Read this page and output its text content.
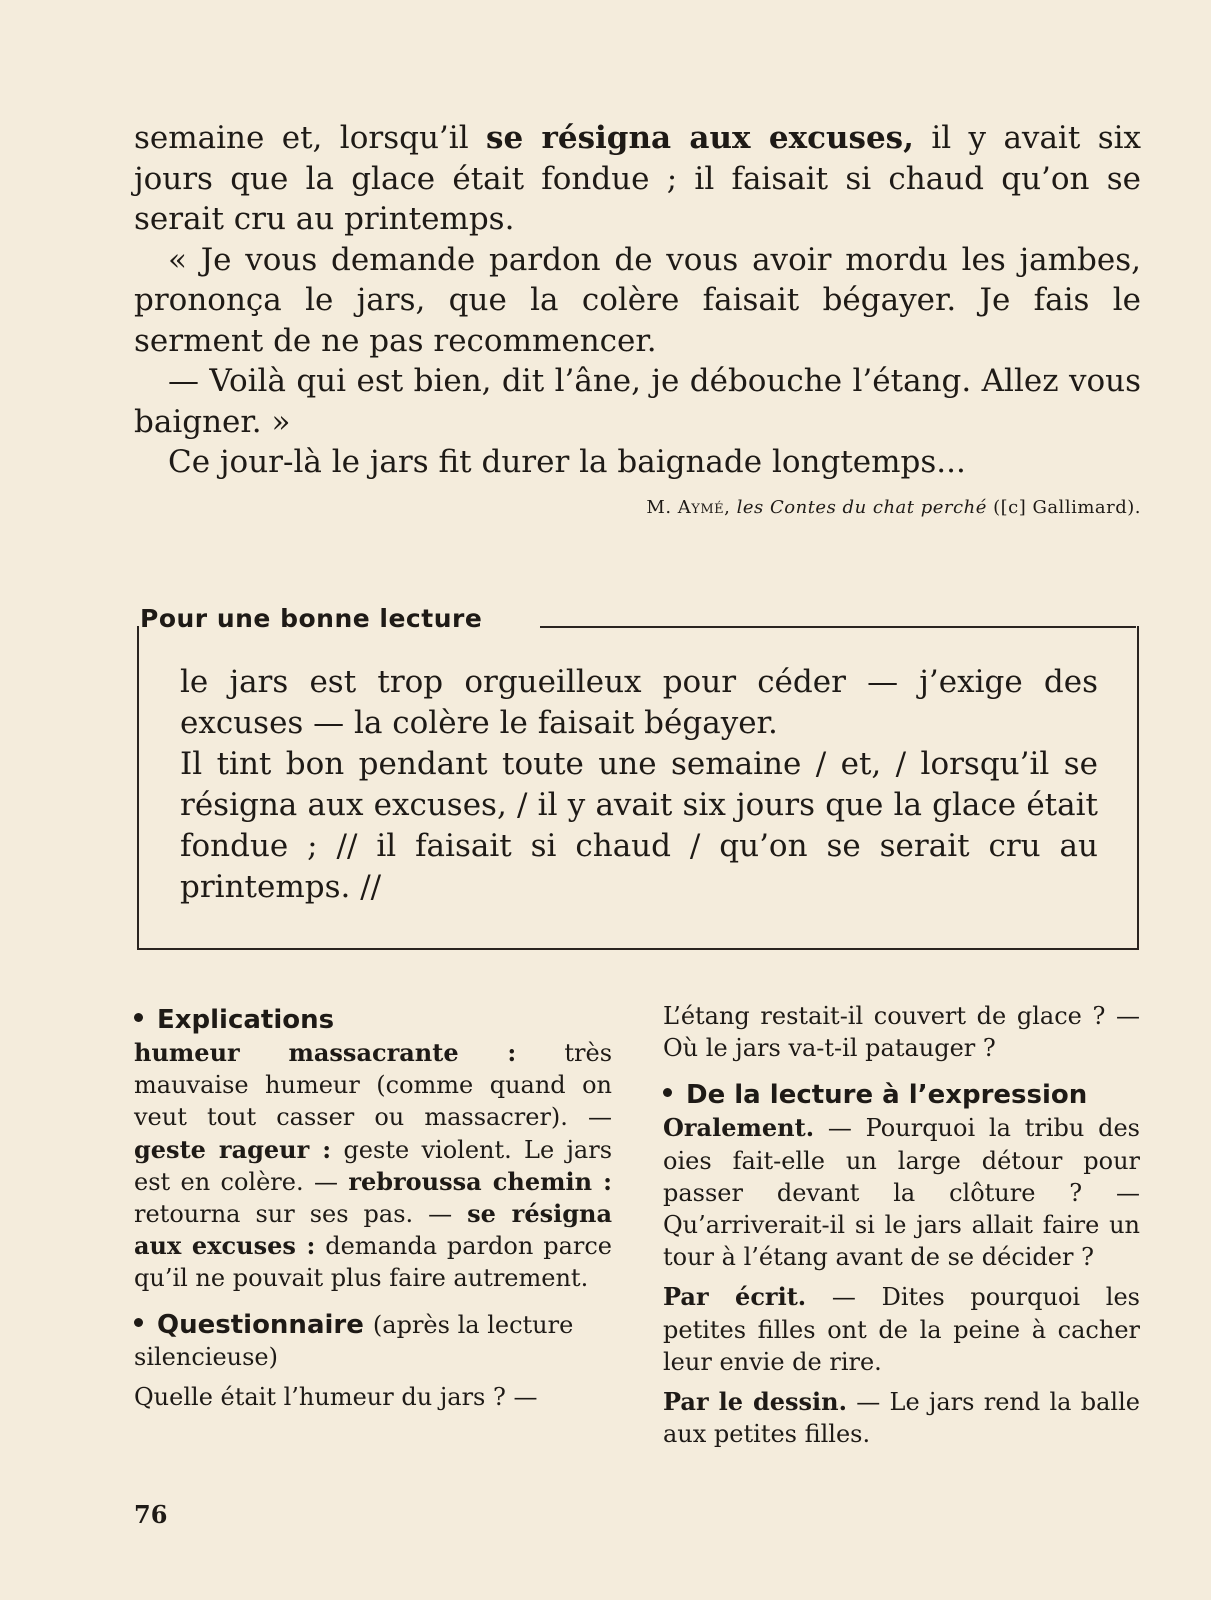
semaine et, lorsqu’il se résigna aux excuses, il y avait six jours que la glace était fondue ; il faisait si chaud qu’on se serait cru au printemps.

« Je vous demande pardon de vous avoir mordu les jambes, prononça le jars, que la colère faisait bégayer. Je fais le serment de ne pas recommencer.

— Voilà qui est bien, dit l’âne, je débouche l’étang. Allez vous baigner. »

Ce jour-là le jars fit durer la baignade longtemps...

M. Aymé, les Contes du chat perché ([c] Gallimard).
Pour une bonne lecture

le jars est trop orgueilleux pour céder — j’exige des excuses — la colère le faisait bégayer.

Il tint bon pendant toute une semaine / et, / lorsqu’il se résigna aux excuses, / il y avait six jours que la glace était fondue ; // il faisait si chaud / qu’on se serait cru au printemps. //

Explications

humeur massacrante : très mauvaise humeur (comme quand on veut tout casser ou massacrer). — geste rageur : geste violent. Le jars est en colère. — rebroussa chemin : retourna sur ses pas. — se résigna aux excuses : demanda pardon parce qu’il ne pouvait plus faire autrement.

Questionnaire (après la lecture silencieuse)

Quelle était l’humeur du jars ? —

L’étang restait-il couvert de glace ? — Où le jars va-t-il patauger ?

De la lecture à l’expression

Oralement. — Pourquoi la tribu des oies fait-elle un large détour pour passer devant la clôture ? — Qu’arriverait-il si le jars allait faire un tour à l’étang avant de se décider ?

Par écrit. — Dites pourquoi les petites filles ont de la peine à cacher leur envie de rire.

Par le dessin. — Le jars rend la balle aux petites filles.

76
